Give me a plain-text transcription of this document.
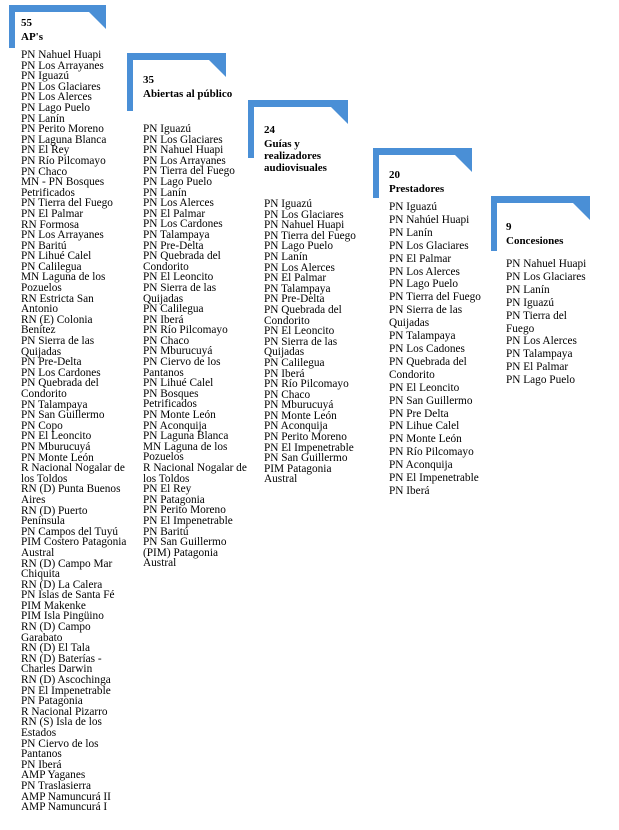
55
AP's
35
Abiertas al público
24
Guías y realizadores audiovisuales
20
Prestadores
9
Concesiones
PN Nahuel Huapi
PN Los Arrayanes
PN Iguazú
PN Los Glaciares
PN Los Alerces
PN Lago Puelo
PN Lanín
PN Perito Moreno
PN Laguna Blanca
PN El Rey
PN Río Pilcomayo
PN Chaco
MN - PN Bosques Petrificados
PN Tierra del Fuego
PN El Palmar
RN Formosa
PN Los Arrayanes
PN Baritú
PN Lihué Calel
PN Calilegua
MN Laguna de los Pozuelos
RN Estricta San Antonio
RN (E) Colonia Benítez
PN Sierra de las Quijadas
PN Pre-Delta
PN Los Cardones
PN Quebrada del Condorito
PN Talampaya
PN San Guillermo
PN Copo
PN El Leoncito
PN Mburucuyá
PN Monte León
R Nacional Nogalar de los Toldos
RN (D) Punta Buenos Aires
RN (D) Puerto Península
PN Campos del Tuyú
PIM Costero Patagonia Austral
RN (D) Campo Mar Chiquita
RN (D) La Calera
PN Islas de Santa Fé
PIM Makenke
PIM Isla Pingüino
RN (D) Campo Garabato
RN (D) El Tala
RN (D) Baterías - Charles Darwin
RN (D) Ascochinga
PN El Impenetrable
PN Patagonia
R Nacional Pizarro
RN (S) Isla de los Estados
PN Ciervo de los Pantanos
PN Iberá
AMP Yaganes
PN Traslasierra
AMP Namuncurá II
AMP Namuncurá I
PN Iguazú
PN Los Glaciares
PN Nahuel Huapi
PN Los Arrayanes
PN Tierra del Fuego
PN Lago Puelo
PN Lanín
PN Los Alerces
PN El Palmar
PN Los Cardones
PN Talampaya
PN Pre-Delta
PN Quebrada del Condorito
PN El Leoncito
PN Sierra de las Quijadas
PN Calilegua
PN Iberá
PN Río Pilcomayo
PN Chaco
PN Mburucuyá
PN Ciervo de los Pantanos
PN Lihué Calel
PN Bosques Petrificados
PN Monte León
PN Aconquija
PN Laguna Blanca
MN Laguna de los Pozuelos
R Nacional Nogalar de los Toldos
PN El Rey
PN Patagonia
PN Perito Moreno
PN El Impenetrable
PN Baritú
PN San Guillermo
(PIM) Patagonia Austral
PN Iguazú
PN Los Glaciares
PN Nahuel Huapi
PN Tierra del Fuego
PN Lago Puelo
PN Lanín
PN Los Alerces
PN El Palmar
PN Talampaya
PN Pre-Delta
PN Quebrada del Condorito
PN El Leoncito
PN Sierra de las Quijadas
PN Calilegua
PN Iberá
PN Río Pilcomayo
PN Chaco
PN Mburucuyá
PN Monte León
PN Aconquija
PN Perito Moreno
PN El Impenetrable
PN San Guillermo
PIM Patagonia Austral
PN Iguazú
PN Nahúel Huapi
PN Lanín
PN Los Glaciares
PN El Palmar
PN Los Alerces
PN Lago Puelo
PN Tierra del Fuego
PN Sierra de las Quijadas
PN Talampaya
PN Los Cadones
PN Quebrada del Condorito
PN El Leoncito
PN San Guillermo
PN Pre Delta
PN Lihue Calel
PN Monte León
PN Río Pilcomayo
PN Aconquija
PN El Impenetrable
PN Iberá
PN Nahuel Huapi
PN Los Glaciares
PN Lanín
PN Iguazú
PN Tierra del Fuego
PN Los Alerces
PN Talampaya
PN El Palmar
PN Lago Puelo
